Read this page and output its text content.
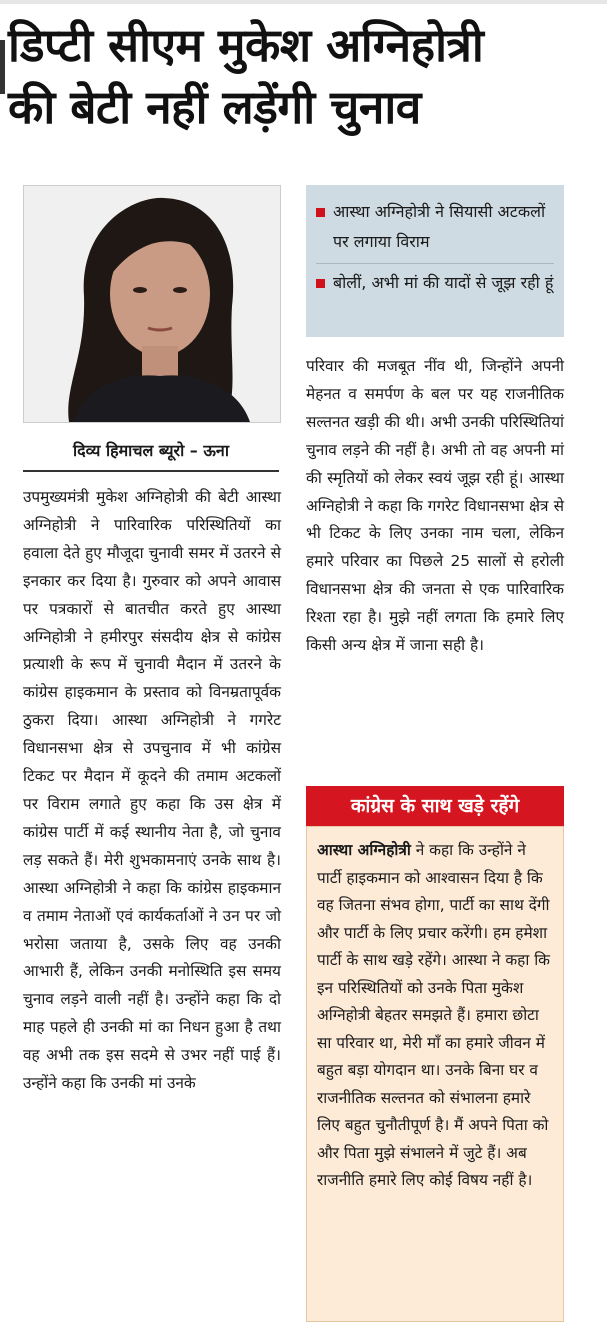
डिप्टी सीएम मुकेश अग्निहोत्री
की बेटी नहीं लड़ेंगी चुनाव
दिव्य हिमाचल ब्यूरो – ऊना

उपमुख्यमंत्री मुकेश अग्निहोत्री की बेटी आस्था अग्निहोत्री ने पारिवारिक परिस्थितियों का हवाला देते हुए मौजूदा चुनावी समर में उतरने से इनकार कर दिया है। गुरुवार को अपने आवास पर पत्रकारों से बातचीत करते हुए आस्था अग्निहोत्री ने हमीरपुर संसदीय क्षेत्र से कांग्रेस प्रत्याशी के रूप में चुनावी मैदान में उतरने के कांग्रेस हाइकमान के प्रस्ताव को विनम्रतापूर्वक ठुकरा दिया। आस्था अग्निहोत्री ने गगरेट विधानसभा क्षेत्र से उपचुनाव में भी कांग्रेस टिकट पर मैदान में कूदने की तमाम अटकलों पर विराम लगाते हुए कहा कि उस क्षेत्र में कांग्रेस पार्टी में कई स्थानीय नेता है, जो चुनाव लड़ सकते हैं। मेरी शुभकामनाएं उनके साथ है। आस्था अग्निहोत्री ने कहा कि कांग्रेस हाइकमान व तमाम नेताओं एवं कार्यकर्ताओं ने उन पर जो भरोसा जताया है, उसके लिए वह उनकी आभारी हैं, लेकिन उनकी मनोस्थिति इस समय चुनाव लड़ने वाली नहीं है। उन्होंने कहा कि दो माह पहले ही उनकी मां का निधन हुआ है तथा वह अभी तक इस सदमे से उभर नहीं पाई हैं। उन्होंने कहा कि उनकी मां उनके

आस्था अग्निहोत्री ने सियासी अटकलों पर लगाया विराम
बोलीं, अभी मां की यादों से जूझ रही हूं

परिवार की मजबूत नींव थी, जिन्होंने अपनी मेहनत व समर्पण के बल पर यह राजनीतिक सल्तनत खड़ी की थी। अभी उनकी परिस्थितियां चुनाव लड़ने की नहीं है। अभी तो वह अपनी मां की स्मृतियों को लेकर स्वयं जूझ रही हूं। आस्था अग्निहोत्री ने कहा कि गगरेट विधानसभा क्षेत्र से भी टिकट के लिए उनका नाम चला, लेकिन हमारे परिवार का पिछले 25 सालों से हरोली विधानसभा क्षेत्र की जनता से एक पारिवारिक रिश्ता रहा है। मुझे नहीं लगता कि हमारे लिए किसी अन्य क्षेत्र में जाना सही है।

कांग्रेस के साथ खड़े रहेंगे

आस्था अग्निहोत्री ने कहा कि उन्होंने ने पार्टी हाइकमान को आश्वासन दिया है कि वह जितना संभव होगा, पार्टी का साथ देंगी और पार्टी के लिए प्रचार करेंगी। हम हमेशा पार्टी के साथ खड़े रहेंगे। आस्था ने कहा कि इन परिस्थितियों को उनके पिता मुकेश अग्निहोत्री बेहतर समझते हैं। हमारा छोटा सा परिवार था, मेरी माँ का हमारे जीवन में बहुत बड़ा योगदान था। उनके बिना घर व राजनीतिक सल्तनत को संभालना हमारे लिए बहुत चुनौतीपूर्ण है। मैं अपने पिता को और पिता मुझे संभालने में जुटे हैं। अब राजनीति हमारे लिए कोई विषय नहीं है।
